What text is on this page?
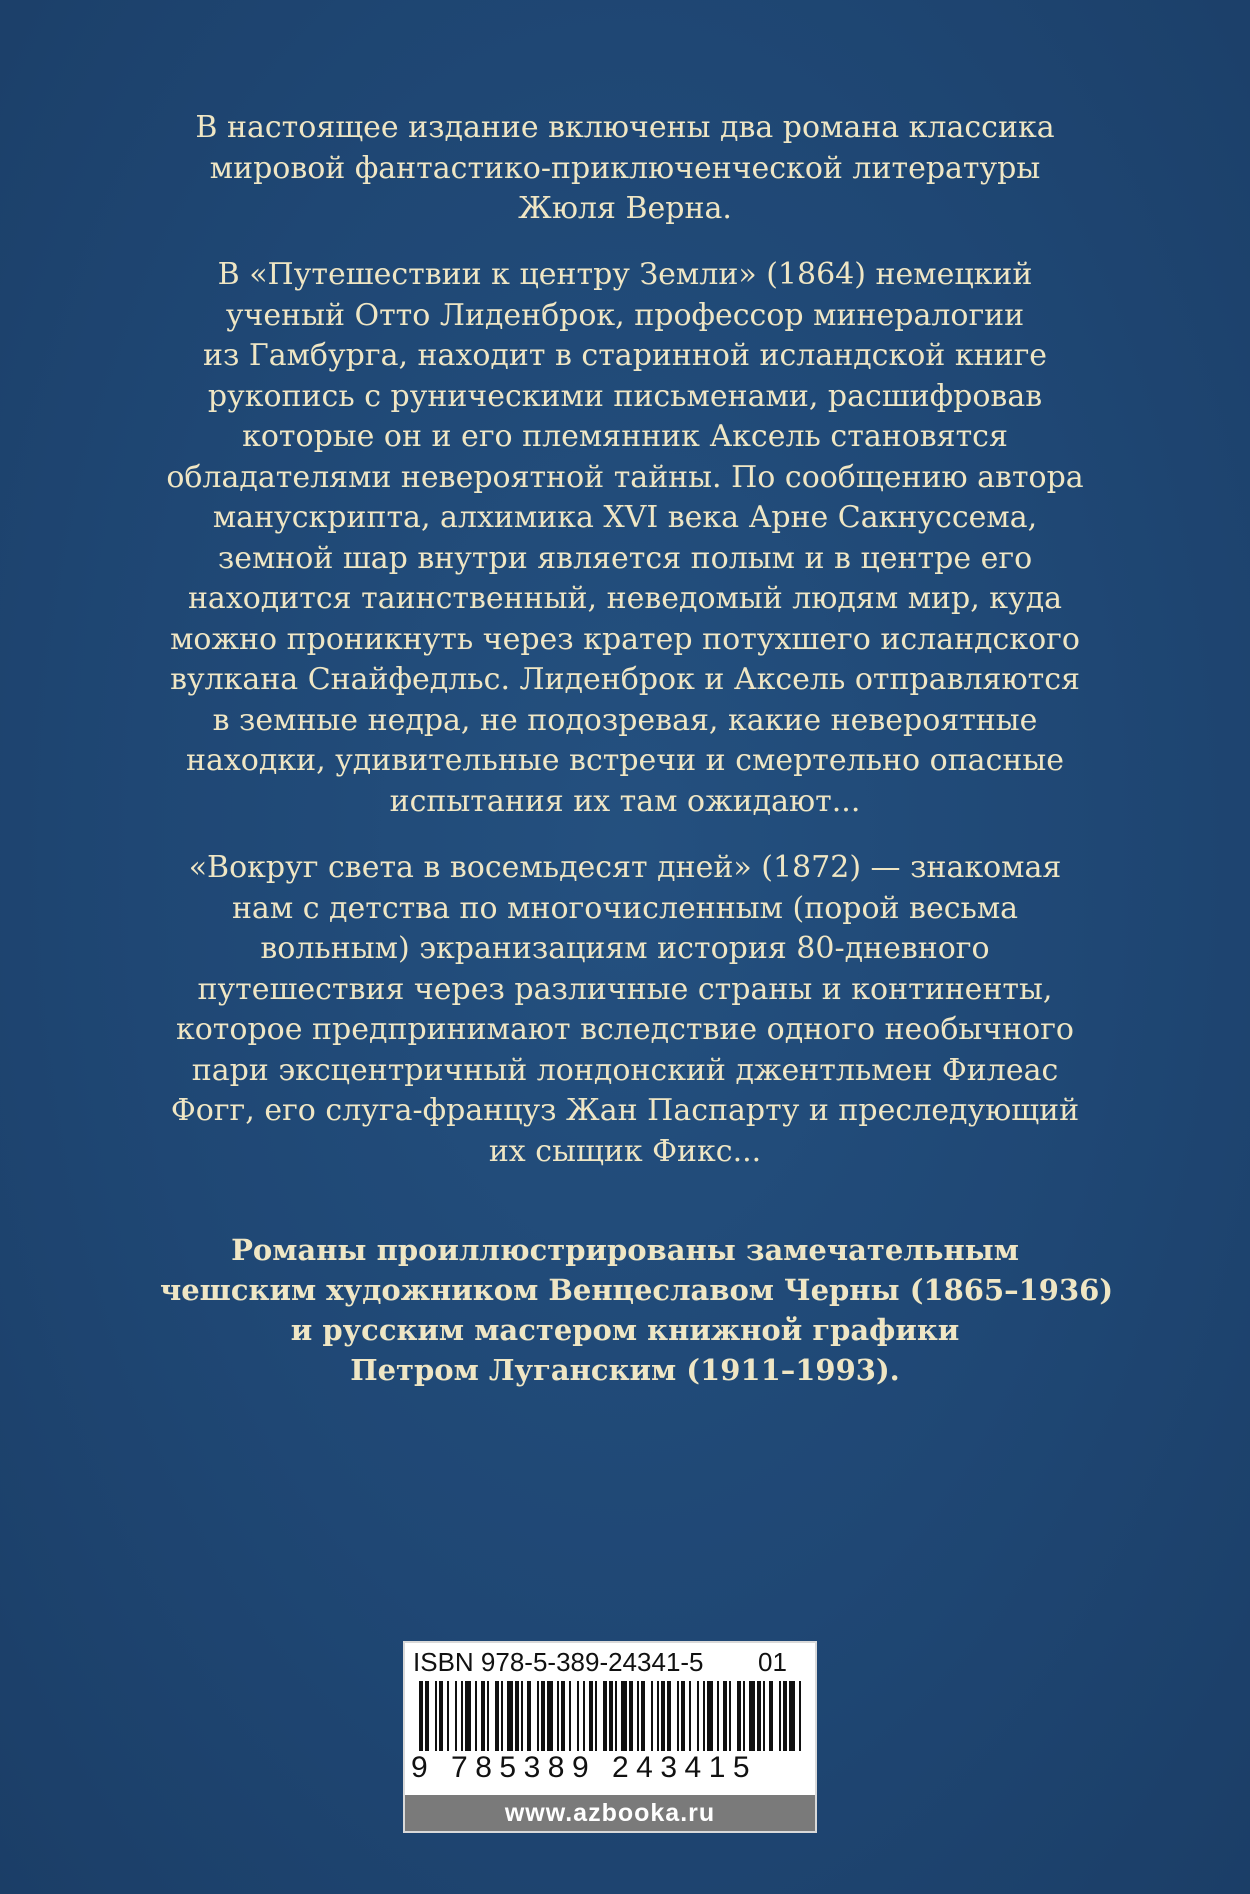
В настоящее издание включены два романа классика
мировой фантастико-приключенческой литературы
Жюля Верна.

В «Путешествии к центру Земли» (1864) немецкий
ученый Отто Лиденброк, профессор минералогии
из Гамбурга, находит в старинной исландской книге
рукопись с руническими письменами, расшифровав
которые он и его племянник Аксель становятся
обладателями невероятной тайны. По сообщению автора
манускрипта, алхимика XVI века Арне Сакнуссема,
земной шар внутри является полым и в центре его
находится таинственный, неведомый людям мир, куда
можно проникнуть через кратер потухшего исландского
вулкана Снайфедльс. Лиденброк и Аксель отправляются
в земные недра, не подозревая, какие невероятные
находки, удивительные встречи и смертельно опасные
испытания их там ожидают...

«Вокруг света в восемьдесят дней» (1872) — знакомая
нам с детства по многочисленным (порой весьма
вольным) экранизациям история 80-дневного
путешествия через различные страны и континенты,
которое предпринимают вследствие одного необычного
пари эксцентричный лондонский джентльмен Филеас
Фогг, его слуга-француз Жан Паспарту и преследующий
их сыщик Фикс...

Романы проиллюстрированы замечательным
чешским художником Венцеславом Черны (1865–1936)
и русским мастером книжной графики
Петром Луганским (1911–1993).

ISBN 978-5-389-24341-5 01
9 785389 243415
www.azbooka.ru
